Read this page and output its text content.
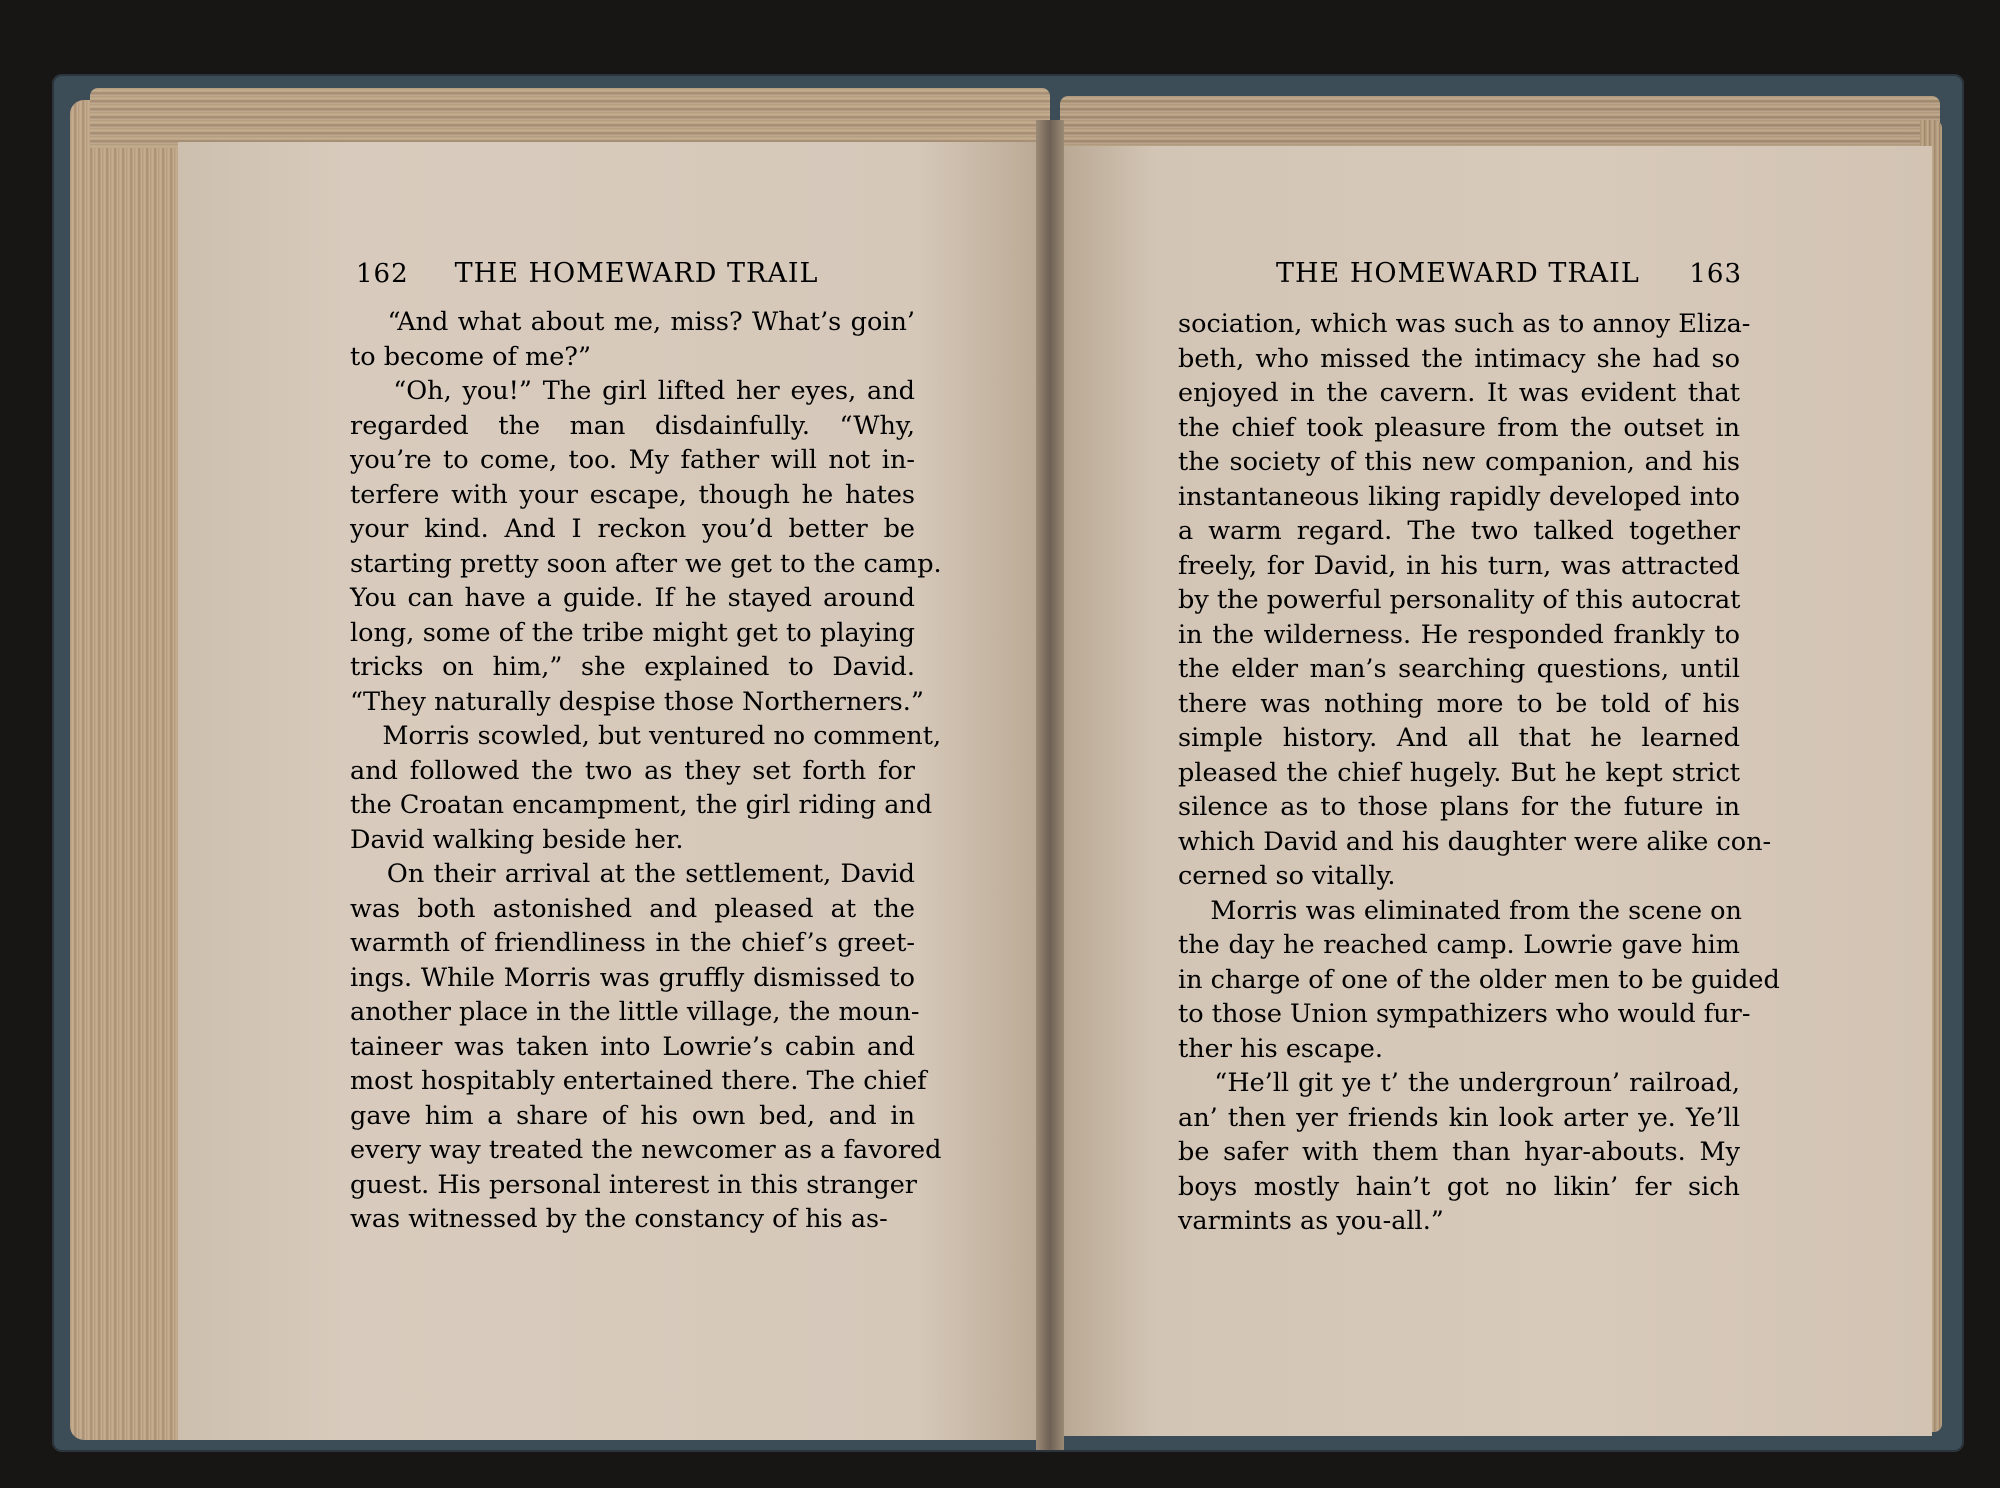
162 THE HOMEWARD TRAIL	THE HOMEWARD TRAIL	163
“And what about me, miss? What’s goin’
to become of me?”
“Oh, you!” The girl lifted her eyes, and
regarded the man disdainfully. “Why,
you’re to come, too. My father will not in-
terfere with your escape, though he hates
your kind. And I reckon you’d better be
starting pretty soon after we get to the camp.
You can have a guide. If he stayed around
long, some of the tribe might get to playing
tricks on him,” she explained to David.
“They naturally despise those Northerners.”
Morris scowled, but ventured no comment,
and followed the two as they set forth for
the Croatan encampment, the girl riding and
David walking beside her.
On their arrival at the settlement, David
was both astonished and pleased at the
warmth of friendliness in the chief’s greet-
ings. While Morris was gruffly dismissed to
another place in the little village, the moun-
taineer was taken into Lowrie’s cabin and
most hospitably entertained there. The chief
gave him a share of his own bed, and in
every way treated the newcomer as a favored
guest. His personal interest in this stranger
was witnessed by the constancy of his as-
sociation, which was such as to annoy Eliza-
beth, who missed the intimacy she had so
enjoyed in the cavern. It was evident that
the chief took pleasure from the outset in
the society of this new companion, and his
instantaneous liking rapidly developed into
a warm regard. The two talked together
freely, for David, in his turn, was attracted
by the powerful personality of this autocrat
in the wilderness. He responded frankly to
the elder man’s searching questions, until
there was nothing more to be told of his
simple history. And all that he learned
pleased the chief hugely. But he kept strict
silence as to those plans for the future in
which David and his daughter were alike con-
cerned so vitally.
Morris was eliminated from the scene on
the day he reached camp. Lowrie gave him
in charge of one of the older men to be guided
to those Union sympathizers who would fur-
ther his escape.
“He’ll git ye t’ the undergroun’ railroad,
an’ then yer friends kin look arter ye. Ye’ll
be safer with them than hyar-abouts. My
boys mostly hain’t got no likin’ fer sich
varmints as you-all.”
